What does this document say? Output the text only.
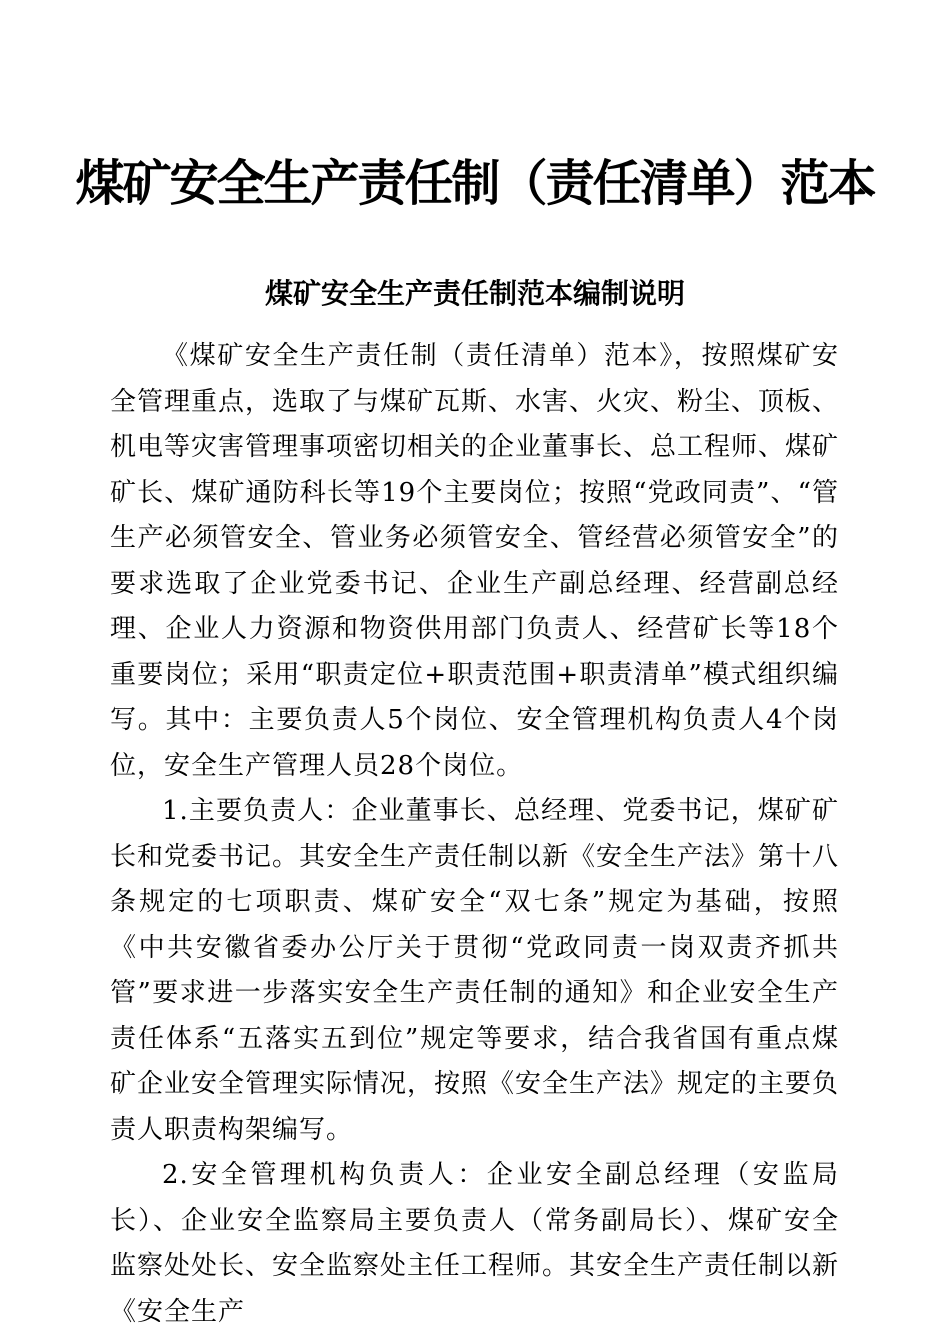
煤矿安全生产责任制（责任清单）范本
煤矿安全生产责任制范本编制说明

《煤矿安全生产责任制（责任清单）范本》，按照煤矿安全管理重点，选取了与煤矿瓦斯、水害、火灾、粉尘、顶板、机电等灾害管理事项密切相关的企业董事长、总工程师、煤矿矿长、煤矿通防科长等19个主要岗位；按照“党政同责”、“管生产必须管安全、管业务必须管安全、管经营必须管安全”的要求选取了企业党委书记、企业生产副总经理、经营副总经理、企业人力资源和物资供用部门负责人、经营矿长等18个重要岗位；采用“职责定位+职责范围+职责清单”模式组织编写。其中：主要负责人5个岗位、安全管理机构负责人4个岗位，安全生产管理人员28个岗位。

1.主要负责人：企业董事长、总经理、党委书记，煤矿矿长和党委书记。其安全生产责任制以新《安全生产法》第十八条规定的七项职责、煤矿安全“双七条”规定为基础，按照《中共安徽省委办公厅关于贯彻“党政同责一岗双责齐抓共管”要求进一步落实安全生产责任制的通知》和企业安全生产责任体系“五落实五到位”规定等要求，结合我省国有重点煤矿企业安全管理实际情况，按照《安全生产法》规定的主要负责人职责构架编写。

2.安全管理机构负责人：企业安全副总经理（安监局长）、企业安全监察局主要负责人（常务副局长）、煤矿安全监察处处长、安全监察处主任工程师。其安全生产责任制以新《安全生产
